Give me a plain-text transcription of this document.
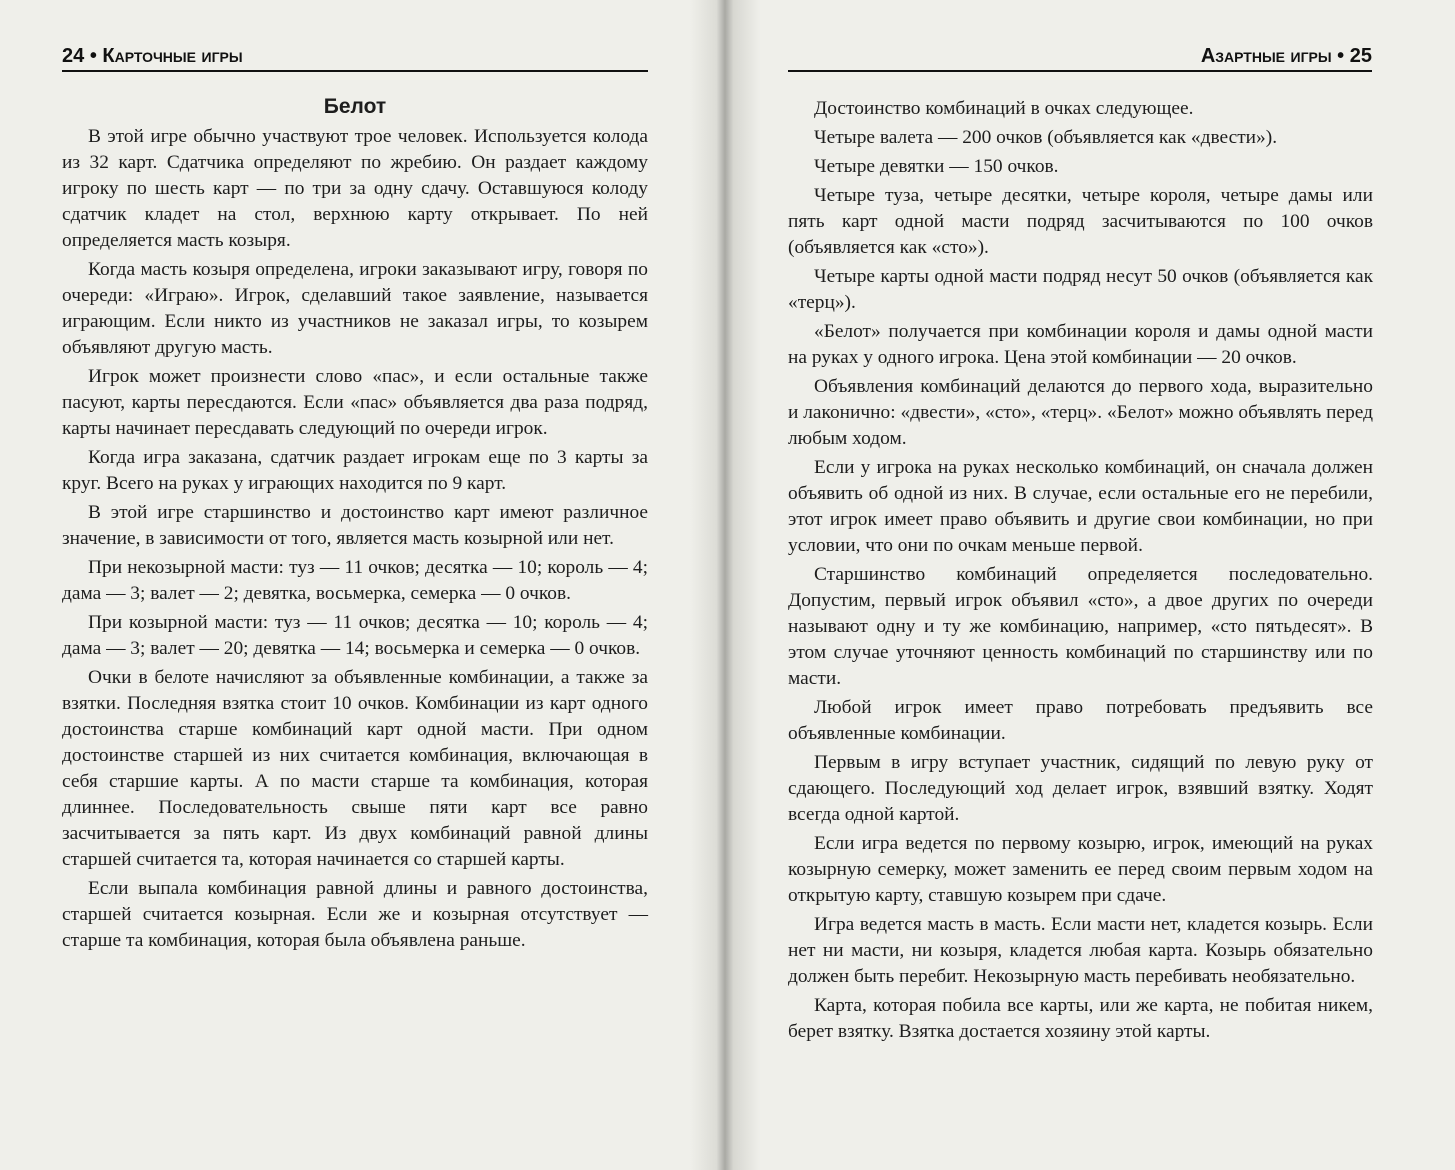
24 • Карточные игры
Белот

В этой игре обычно участвуют трое человек. Используется колода из 32 карт. Сдатчика определяют по жребию. Он раздает каждому игроку по шесть карт — по три за одну сдачу. Оставшуюся колоду сдатчик кладет на стол, верхнюю карту открывает. По ней определяется масть козыря.

Когда масть козыря определена, игроки заказывают игру, говоря по очереди: «Играю». Игрок, сделавший такое заявление, называется играющим. Если никто из участников не заказал игры, то козырем объявляют другую масть.

Игрок может произнести слово «пас», и если остальные также пасуют, карты пересдаются. Если «пас» объявляется два раза подряд, карты начинает пересдавать следующий по очереди игрок.

Когда игра заказана, сдатчик раздает игрокам еще по 3 карты за круг. Всего на руках у играющих находится по 9 карт.

В этой игре старшинство и достоинство карт имеют различное значение, в зависимости от того, является масть козырной или нет.

При некозырной масти: туз — 11 очков; десятка — 10; король — 4; дама — 3; валет — 2; девятка, восьмерка, семерка — 0 очков.

При козырной масти: туз — 11 очков; десятка — 10; король — 4; дама — 3; валет — 20; девятка — 14; восьмерка и семерка — 0 очков.

Очки в белоте начисляют за объявленные комбинации, а также за взятки. Последняя взятка стоит 10 очков. Комбинации из карт одного достоинства старше комбинаций карт одной масти. При одном достоинстве старшей из них считается комбинация, включающая в себя старшие карты. А по масти старше та комбинация, которая длиннее. Последовательность свыше пяти карт все равно засчитывается за пять карт. Из двух комбинаций равной длины старшей считается та, которая начинается со старшей карты.

Если выпала комбинация равной длины и равного достоинства, старшей считается козырная. Если же и козырная отсутствует — старше та комбинация, которая была объявлена раньше.

Азартные игры • 25

Достоинство комбинаций в очках следующее.

Четыре валета — 200 очков (объявляется как «двести»).

Четыре девятки — 150 очков.

Четыре туза, четыре десятки, четыре короля, четыре дамы или пять карт одной масти подряд засчитываются по 100 очков (объявляется как «сто»).

Четыре карты одной масти подряд несут 50 очков (объявляется как «терц»).

«Белот» получается при комбинации короля и дамы одной масти на руках у одного игрока. Цена этой комбинации — 20 очков.

Объявления комбинаций делаются до первого хода, выразительно и лаконично: «двести», «сто», «терц». «Белот» можно объявлять перед любым ходом.

Если у игрока на руках несколько комбинаций, он сначала должен объявить об одной из них. В случае, если остальные его не перебили, этот игрок имеет право объявить и другие свои комбинации, но при условии, что они по очкам меньше первой.

Старшинство комбинаций определяется последовательно. Допустим, первый игрок объявил «сто», а двое других по очереди называют одну и ту же комбинацию, например, «сто пятьдесят». В этом случае уточняют ценность комбинаций по старшинству или по масти.

Любой игрок имеет право потребовать предъявить все объявленные комбинации.

Первым в игру вступает участник, сидящий по левую руку от сдающего. Последующий ход делает игрок, взявший взятку. Ходят всегда одной картой.

Если игра ведется по первому козырю, игрок, имеющий на руках козырную семерку, может заменить ее перед своим первым ходом на открытую карту, ставшую козырем при сдаче.

Игра ведется масть в масть. Если масти нет, кладется козырь. Если нет ни масти, ни козыря, кладется любая карта. Козырь обязательно должен быть перебит. Некозырную масть перебивать необязательно.

Карта, которая побила все карты, или же карта, не побитая никем, берет взятку. Взятка достается хозяину этой карты.
